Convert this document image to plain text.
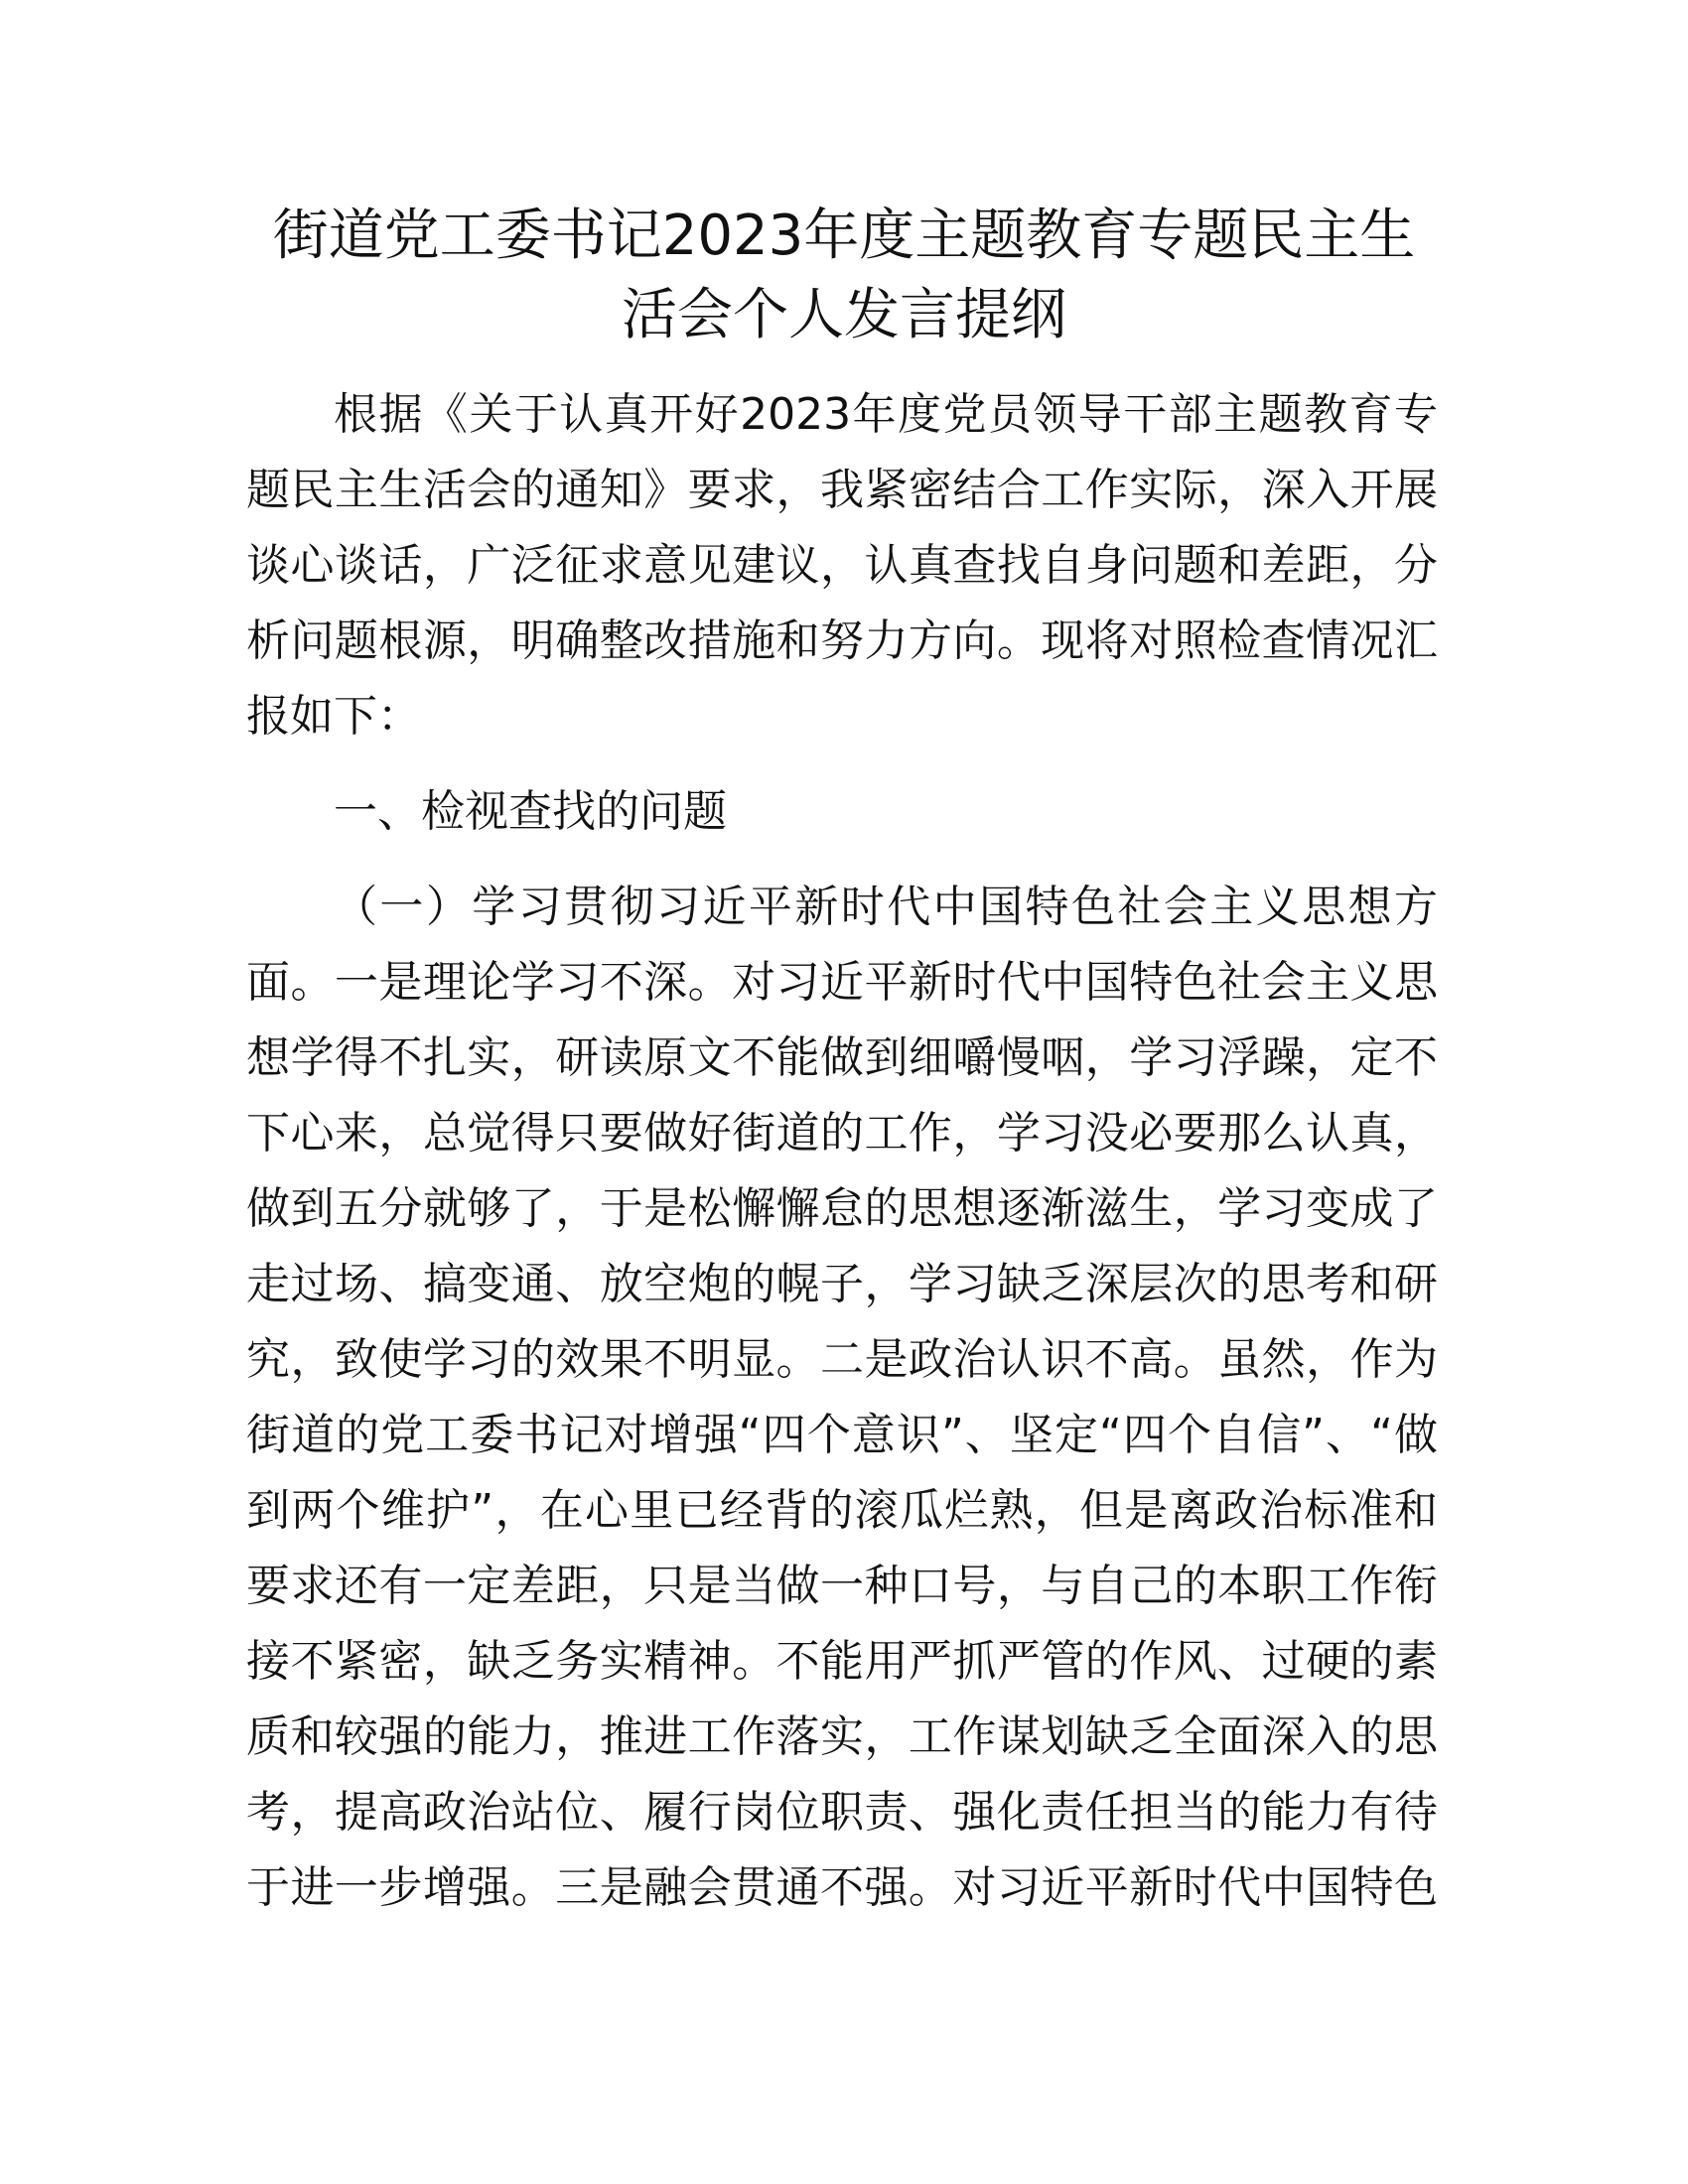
街道党工委书记2023年度主题教育专题民主生
活会个人发言提纲
根据《关于认真开好2023年度党员领导干部主题教育专
题民主生活会的通知》要求，我紧密结合工作实际，深入开展
谈心谈话，广泛征求意见建议，认真查找自身问题和差距，分
析问题根源，明确整改措施和努力方向。现将对照检查情况汇
报如下：
一、检视查找的问题
（一）学习贯彻习近平新时代中国特色社会主义思想方
面。一是理论学习不深。对习近平新时代中国特色社会主义思
想学得不扎实，研读原文不能做到细嚼慢咽，学习浮躁，定不
下心来，总觉得只要做好街道的工作，学习没必要那么认真，
做到五分就够了，于是松懈懈怠的思想逐渐滋生，学习变成了
走过场、搞变通、放空炮的幌子，学习缺乏深层次的思考和研
究，致使学习的效果不明显。二是政治认识不高。虽然，作为
街道的党工委书记对增强“四个意识”、坚定“四个自信”、“做
到两个维护”，在心里已经背的滚瓜烂熟，但是离政治标准和
要求还有一定差距，只是当做一种口号，与自己的本职工作衔
接不紧密，缺乏务实精神。不能用严抓严管的作风、过硬的素
质和较强的能力，推进工作落实，工作谋划缺乏全面深入的思
考，提高政治站位、履行岗位职责、强化责任担当的能力有待
于进一步增强。三是融会贯通不强。对习近平新时代中国特色
